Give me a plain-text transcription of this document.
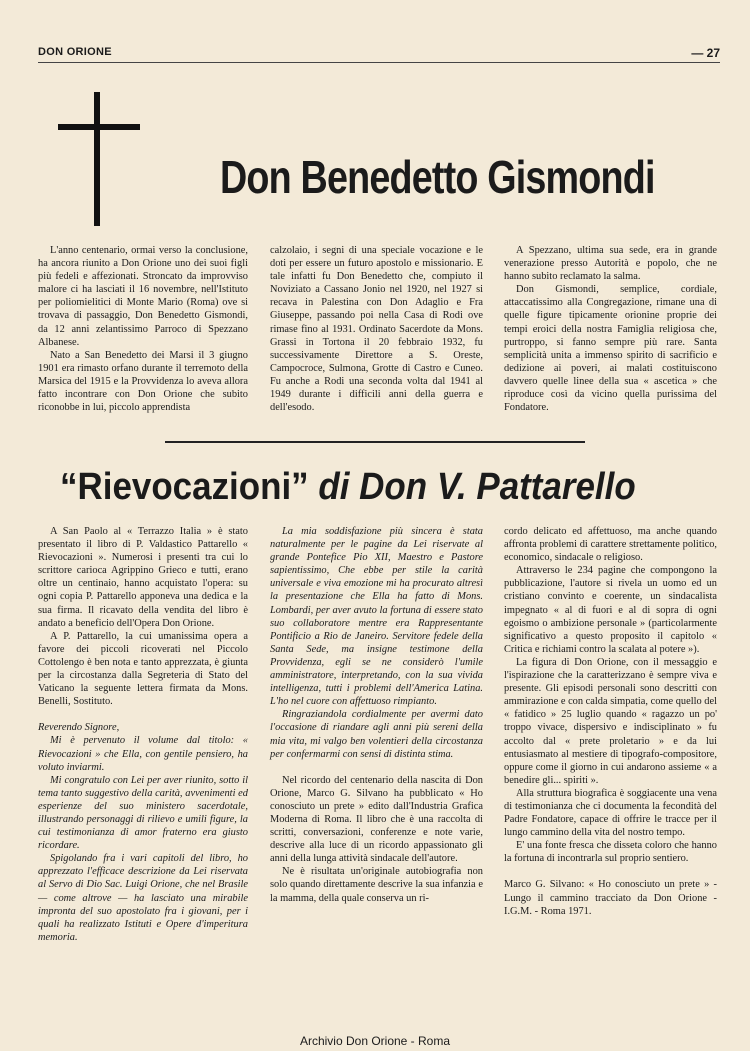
DON ORIONE	— 27
Don Benedetto Gismondi

L'anno centenario, ormai verso la conclusione, ha ancora riunito a Don Orione uno dei suoi figli più fedeli e affezionati. Stroncato da improvviso malore ci ha lasciati il 16 novembre, nell'Istituto per poliomielitici di Monte Mario (Roma) ove si trovava di passaggio, Don Benedetto Gismondi, da 12 anni zelantissimo Parroco di Spezzano Albanese.

Nato a San Benedetto dei Marsi il 3 giugno 1901 era rimasto orfano durante il terremoto della Marsica del 1915 e la Provvidenza lo aveva allora fatto incontrare con Don Orione che subito riconobbe in lui, piccolo apprendista

calzolaio, i segni di una speciale vocazione e le doti per essere un futuro apostolo e missionario. E tale infatti fu Don Benedetto che, compiuto il Noviziato a Cassano Jonio nel 1920, nel 1927 si recava in Palestina con Don Adaglio e Fra Giuseppe, passando poi nella Casa di Rodi ove rimase fino al 1931. Ordinato Sacerdote da Mons. Grassi in Tortona il 20 febbraio 1932, fu successivamente Direttore a S. Oreste, Campocroce, Sulmona, Grotte di Castro e Cuneo. Fu anche a Rodi una seconda volta dal 1941 al 1949 durante i difficili anni della guerra e dell'esodo.

A Spezzano, ultima sua sede, era in grande venerazione presso Autorità e popolo, che ne hanno subito reclamato la salma.

Don Gismondi, semplice, cordiale, attaccatissimo alla Congregazione, rimane una di quelle figure tipicamente orionine proprie dei tempi eroici della nostra Famiglia religiosa che, purtroppo, si fanno sempre più rare. Santa semplicità unita a immenso spirito di sacrificio e dedizione ai poveri, ai malati costituiscono davvero quelle linee della sua « ascetica » che riproduce così da vicino quella purissima del Fondatore.

“Rievocazioni” di Don V. Pattarello

A San Paolo al « Terrazzo Italia » è stato presentato il libro di P. Valdastico Pattarello « Rievocazioni ». Numerosi i presenti tra cui lo scrittore carioca Agrippino Grieco e tutti, erano oltre un centinaio, hanno acquistato l'opera: su ogni copia P. Pattarello apponeva una dedica e la sua firma. Il ricavato della vendita del libro è andato a beneficio dell'Opera Don Orione.

A P. Pattarello, la cui umanissima opera a favore dei piccoli ricoverati nel Piccolo Cottolengo è ben nota e tanto apprezzata, è giunta per la circostanza dalla Segreteria di Stato del Vaticano la seguente lettera firmata da Mons. Benelli, Sostituto.

Reverendo Signore,

Mi è pervenuto il volume dal titolo: « Rievocazioni » che Ella, con gentile pensiero, ha voluto inviarmi.

Mi congratulo con Lei per aver riunito, sotto il tema tanto suggestivo della carità, avvenimenti ed esperienze del suo ministero sacerdotale, illustrando personaggi di rilievo e umili figure, la cui testimonianza di amor fraterno era giusto ricordare.

Spigolando fra i vari capitoli del libro, ho apprezzato l'efficace descrizione da Lei riservata al Servo di Dio Sac. Luigi Orione, che nel Brasile — come altrove — ha lasciato una mirabile impronta del suo apostolato fra i giovani, per i quali ha realizzato Istituti e Opere d'imperitura memoria.

La mia soddisfazione più sincera è stata naturalmente per le pagine da Lei riservate al grande Pontefice Pio XII, Maestro e Pastore sapientissimo, Che ebbe per stile la carità universale e viva emozione mi ha procurato altresì la presentazione che Ella ha fatto di Mons. Lombardi, per aver avuto la fortuna di essere stato suo collaboratore mentre era Rappresentante Pontificio a Rio de Janeiro. Servitore fedele della Santa Sede, ma insigne testimone della Provvidenza, egli se ne considerò l'umile amministratore, interpretando, con la sua vivida intelligenza, tutti i problemi dell'America Latina. L'ho nel cuore con affettuoso rimpianto.

Ringraziandola cordialmente per avermi dato l'occasione di riandare agli anni più sereni della mia vita, mi valgo ben volentieri della circostanza per confermarmi con sensi di distinta stima.

Nel ricordo del centenario della nascita di Don Orione, Marco G. Silvano ha pubblicato « Ho conosciuto un prete » edito dall'Industria Grafica Moderna di Roma. Il libro che è una raccolta di scritti, conversazioni, conferenze e note varie, descrive alla luce di un ricordo appassionato gli anni della lunga attività sindacale dell'autore.

Ne è risultata un'originale autobiografia non solo quando direttamente descrive la sua infanzia e la mamma, della quale conserva un ri-

cordo delicato ed affettuoso, ma anche quando affronta problemi di carattere strettamente politico, economico, sindacale o religioso.

Attraverso le 234 pagine che compongono la pubblicazione, l'autore si rivela un uomo ed un cristiano convinto e coerente, un sindacalista impegnato « al di fuori e al di sopra di ogni egoismo o ambizione personale » (particolarmente significativo a questo proposito il capitolo « Critica e richiami contro la scalata al potere »).

La figura di Don Orione, con il messaggio e l'ispirazione che la caratterizzano è sempre viva e presente. Gli episodi personali sono descritti con ammirazione e con calda simpatia, come quello del « fatidico » 25 luglio quando « ragazzo un po' troppo vivace, dispersivo e indisciplinato » fu accolto dal « prete proletario » e da lui entusiasmato al mestiere di tipografo-compositore, oppure come il giorno in cui andarono assieme « a benedire gli... spiriti ».

Alla struttura biografica è soggiacente una vena di testimonianza che ci documenta la fecondità del Padre Fondatore, capace di offrire le tracce per il lungo cammino della vita del nostro tempo.

E' una fonte fresca che disseta coloro che hanno la fortuna di incontrarla sul proprio sentiero.

Marco G. Silvano: « Ho conosciuto un prete » - Lungo il cammino tracciato da Don Orione - I.G.M. - Roma 1971.

Archivio Don Orione - Roma
